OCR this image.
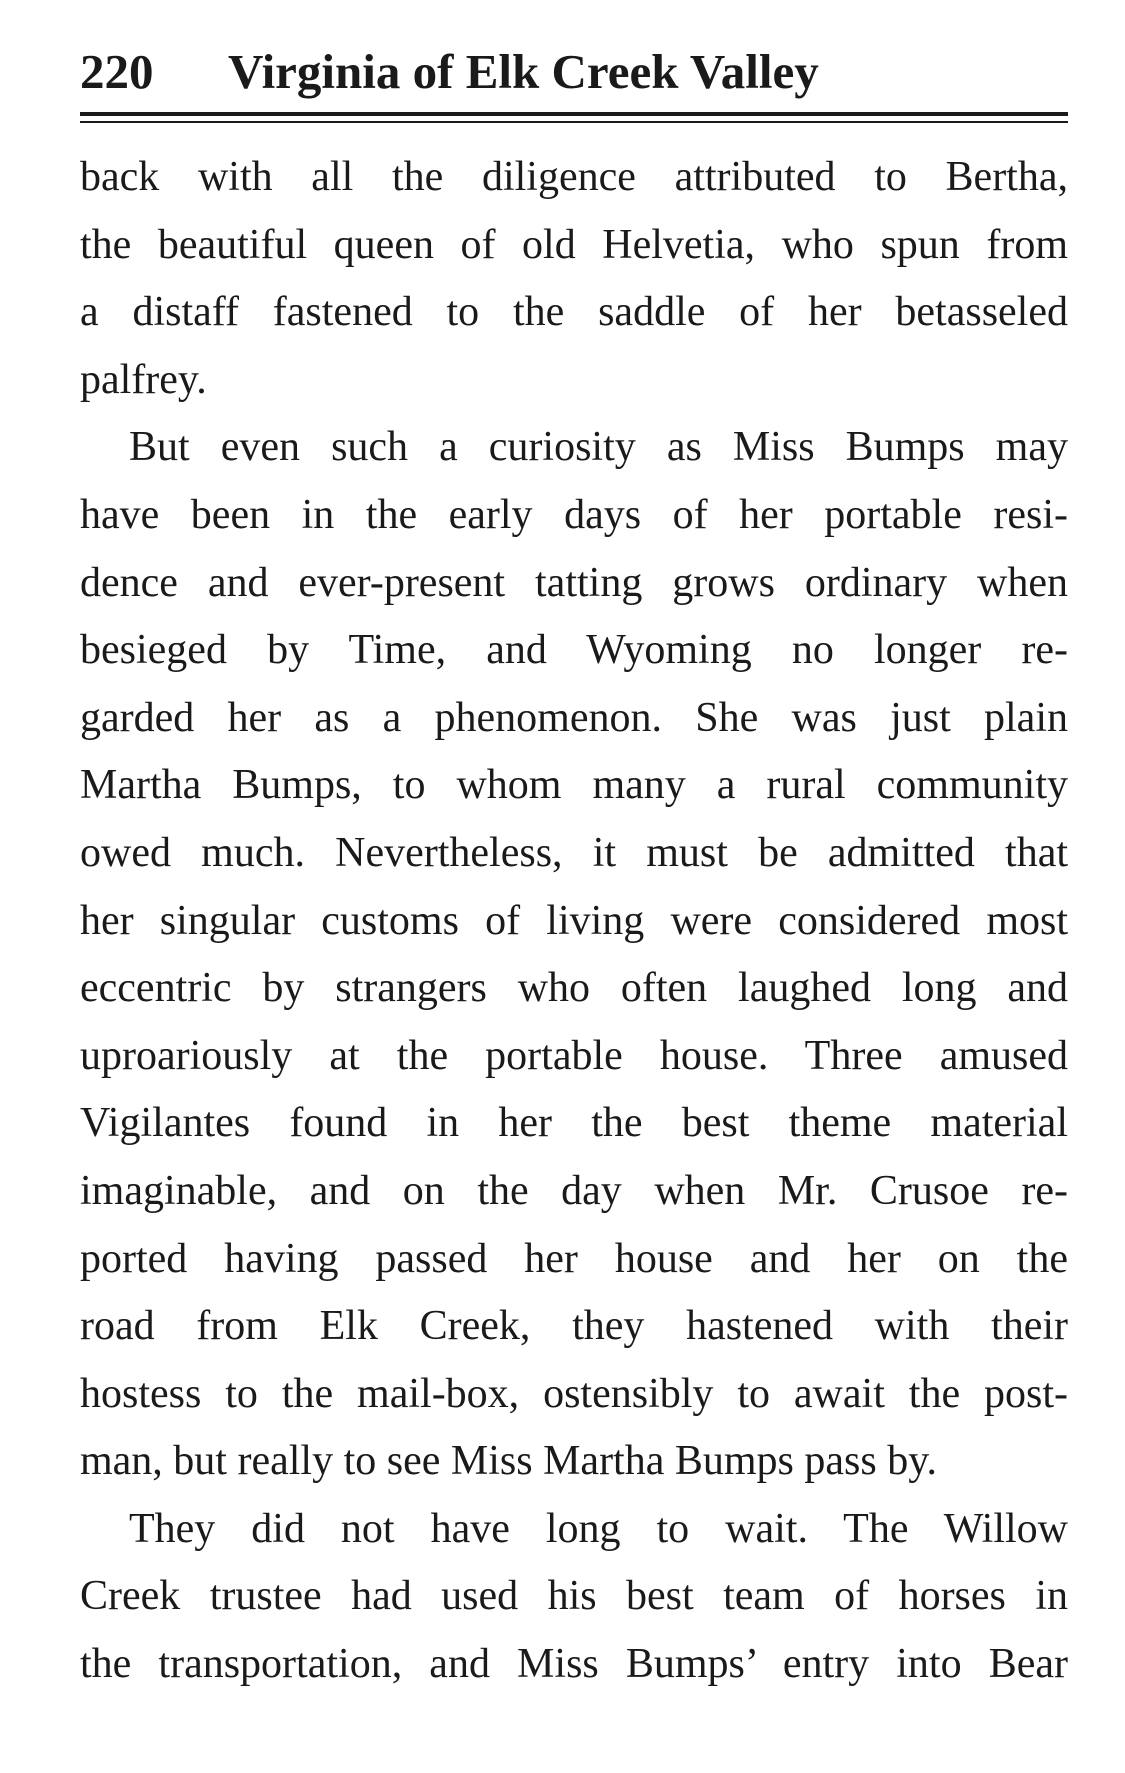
220 Virginia of Elk Creek Valley
back with all the diligence attributed to Bertha,
the beautiful queen of old Helvetia, who spun from
a distaff fastened to the saddle of her betasseled
palfrey.
But even such a curiosity as Miss Bumps may
have been in the early days of her portable resi-
dence and ever-present tatting grows ordinary when
besieged by Time, and Wyoming no longer re-
garded her as a phenomenon. She was just plain
Martha Bumps, to whom many a rural community
owed much. Nevertheless, it must be admitted that
her singular customs of living were considered most
eccentric by strangers who often laughed long and
uproariously at the portable house. Three amused
Vigilantes found in her the best theme material
imaginable, and on the day when Mr. Crusoe re-
ported having passed her house and her on the
road from Elk Creek, they hastened with their
hostess to the mail-box, ostensibly to await the post-
man, but really to see Miss Martha Bumps pass by.
They did not have long to wait. The Willow
Creek trustee had used his best team of horses in
the transportation, and Miss Bumps’ entry into Bear
